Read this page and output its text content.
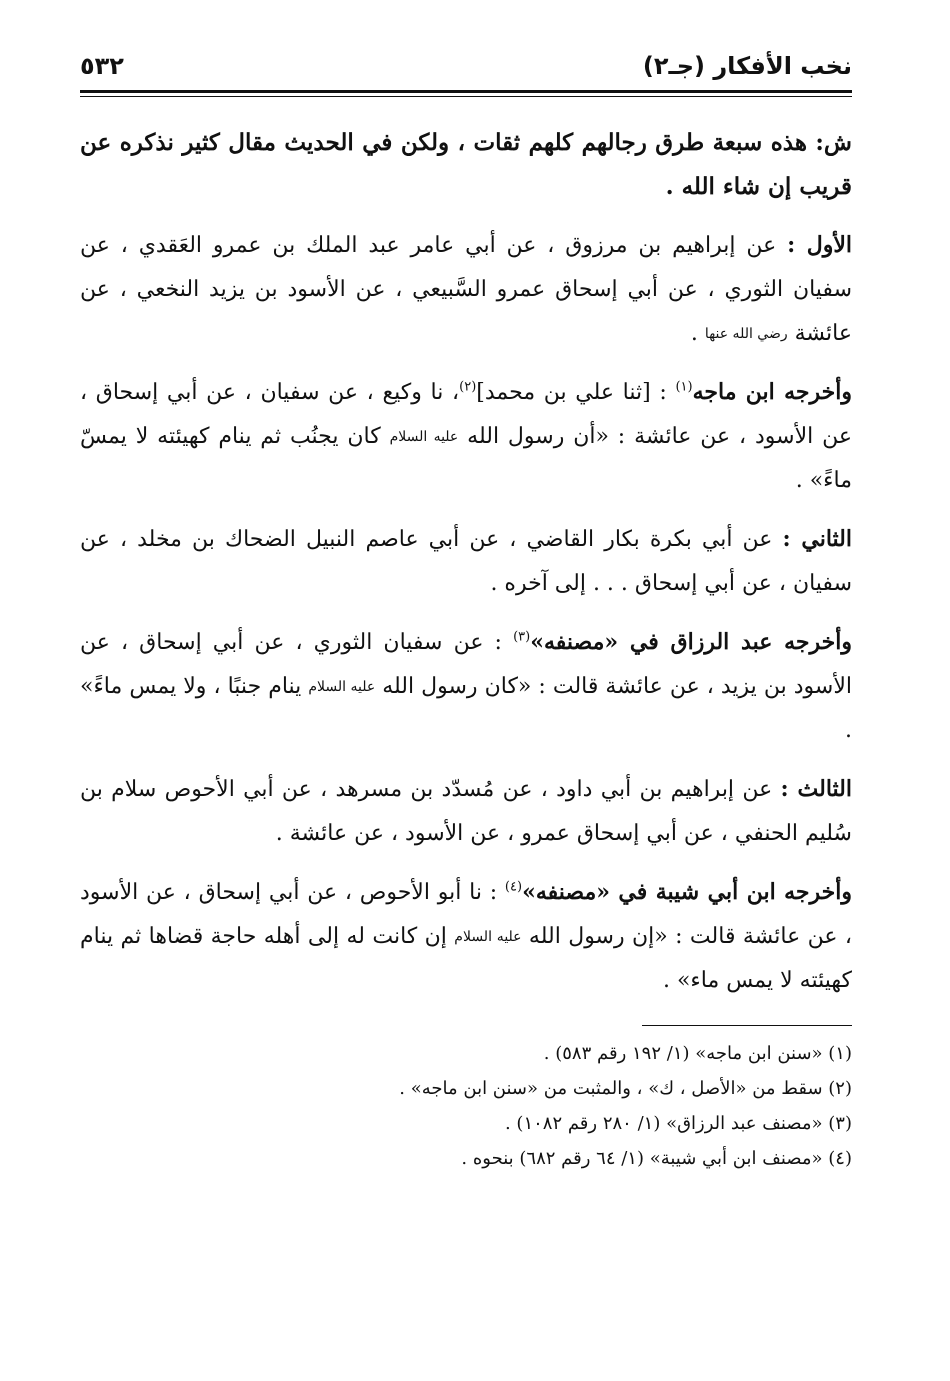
نخب الأفكار (جـ٢)
٥٣٢

ش: هذه سبعة طرق رجالهم كلهم ثقات ، ولكن في الحديث مقال كثير نذكره عن قريب إن شاء الله .

الأول : عن إبراهيم بن مرزوق ، عن أبي عامر عبد الملك بن عمرو العَقدي ، عن سفيان الثوري ، عن أبي إسحاق عمرو السَّبيعي ، عن الأسود بن يزيد النخعي ، عن عائشة رضي الله عنها .

وأخرجه ابن ماجه$^{(١)}$ : [ثنا علي بن محمد]$^{(٢)}$، نا وكيع ، عن سفيان ، عن أبي إسحاق ، عن الأسود ، عن عائشة : «أن رسول الله عليه السلام كان يجنُب ثم ينام كهيئته لا يمسّ ماءً» .

الثاني : عن أبي بكرة بكار القاضي ، عن أبي عاصم النبيل الضحاك بن مخلد ، عن سفيان ، عن أبي إسحاق . . . إلى آخره .

وأخرجه عبد الرزاق في «مصنفه»$^{(٣)}$ : عن سفيان الثوري ، عن أبي إسحاق ، عن الأسود بن يزيد ، عن عائشة قالت : «كان رسول الله عليه السلام ينام جنبًا ، ولا يمس ماءً» .

الثالث : عن إبراهيم بن أبي داود ، عن مُسدّد بن مسرهد ، عن أبي الأحوص سلام بن سُليم الحنفي ، عن أبي إسحاق عمرو ، عن الأسود ، عن عائشة .

وأخرجه ابن أبي شيبة في «مصنفه»$^{(٤)}$ : نا أبو الأحوص ، عن أبي إسحاق ، عن الأسود ، عن عائشة قالت : «إن رسول الله عليه السلام إن كانت له إلى أهله حاجة قضاها ثم ينام كهيئته لا يمس ماء» .

(١) «سنن ابن ماجه» (١/ ١٩٢ رقم ٥٨٣) .
(٢) سقط من «الأصل ، ك» ، والمثبت من «سنن ابن ماجه» .
(٣) «مصنف عبد الرزاق» (١/ ٢٨٠ رقم ١٠٨٢) .
(٤) «مصنف ابن أبي شيبة» (١/ ٦٤ رقم ٦٨٢) بنحوه .
